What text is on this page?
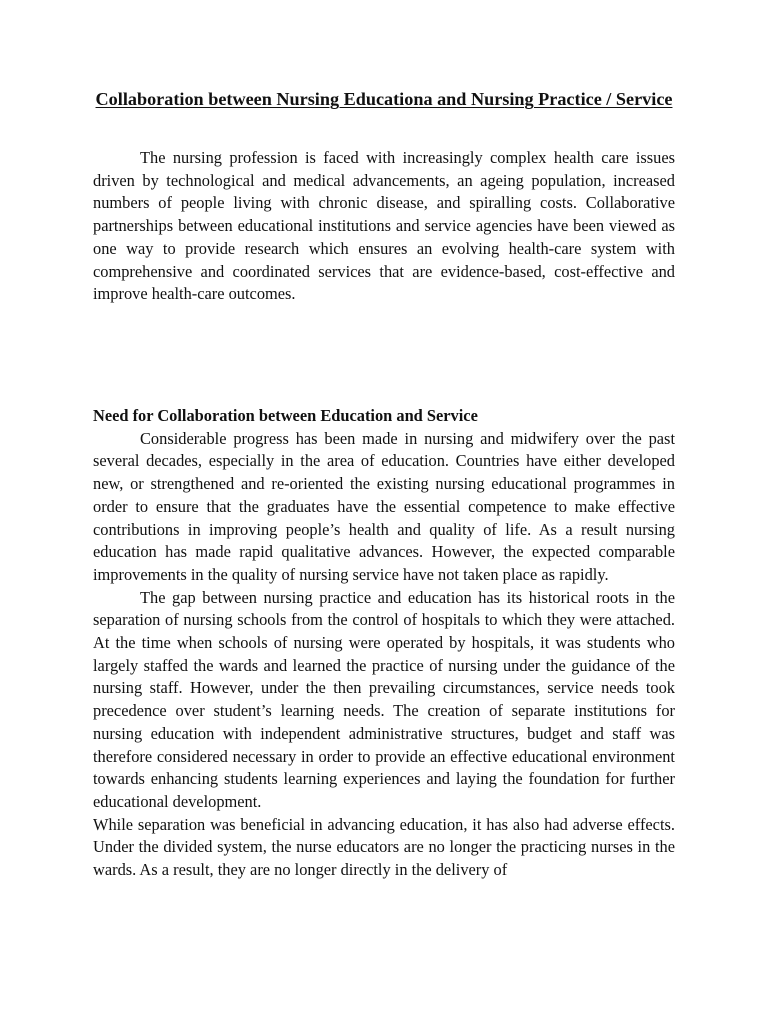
Collaboration between Nursing Educationa and Nursing Practice / Service

The nursing profession is faced with increasingly complex health care issues driven by technological and medical advancements, an ageing population, increased numbers of people living with chronic disease, and spiralling costs. Collaborative partnerships between educational institutions and service agencies have been viewed as one way to provide research which ensures an evolving health-care system with comprehensive and coordinated services that are evidence-based, cost-effective and improve health-care outcomes.

Need for Collaboration between Education and Service

Considerable progress has been made in nursing and midwifery over the past several decades, especially in the area of education. Countries have either developed new, or strengthened and re-oriented the existing nursing educational programmes in order to ensure that the graduates have the essential competence to make effective contributions in improving people’s health and quality of life. As a result nursing education has made rapid qualitative advances. However, the expected comparable improvements in the quality of nursing service have not taken place as rapidly.

The gap between nursing practice and education has its historical roots in the separation of nursing schools from the control of hospitals to which they were attached. At the time when schools of nursing were operated by hospitals, it was students who largely staffed the wards and learned the practice of nursing under the guidance of the nursing staff. However, under the then prevailing circumstances, service needs took precedence over student’s learning needs. The creation of separate institutions for nursing education with independent administrative structures, budget and staff was therefore considered necessary in order to provide an effective educational environment towards enhancing students learning experiences and laying the foundation for further educational development.

While separation was beneficial in advancing education, it has also had adverse effects. Under the divided system, the nurse educators are no longer the practicing nurses in the wards. As a result, they are no longer directly in the delivery of
